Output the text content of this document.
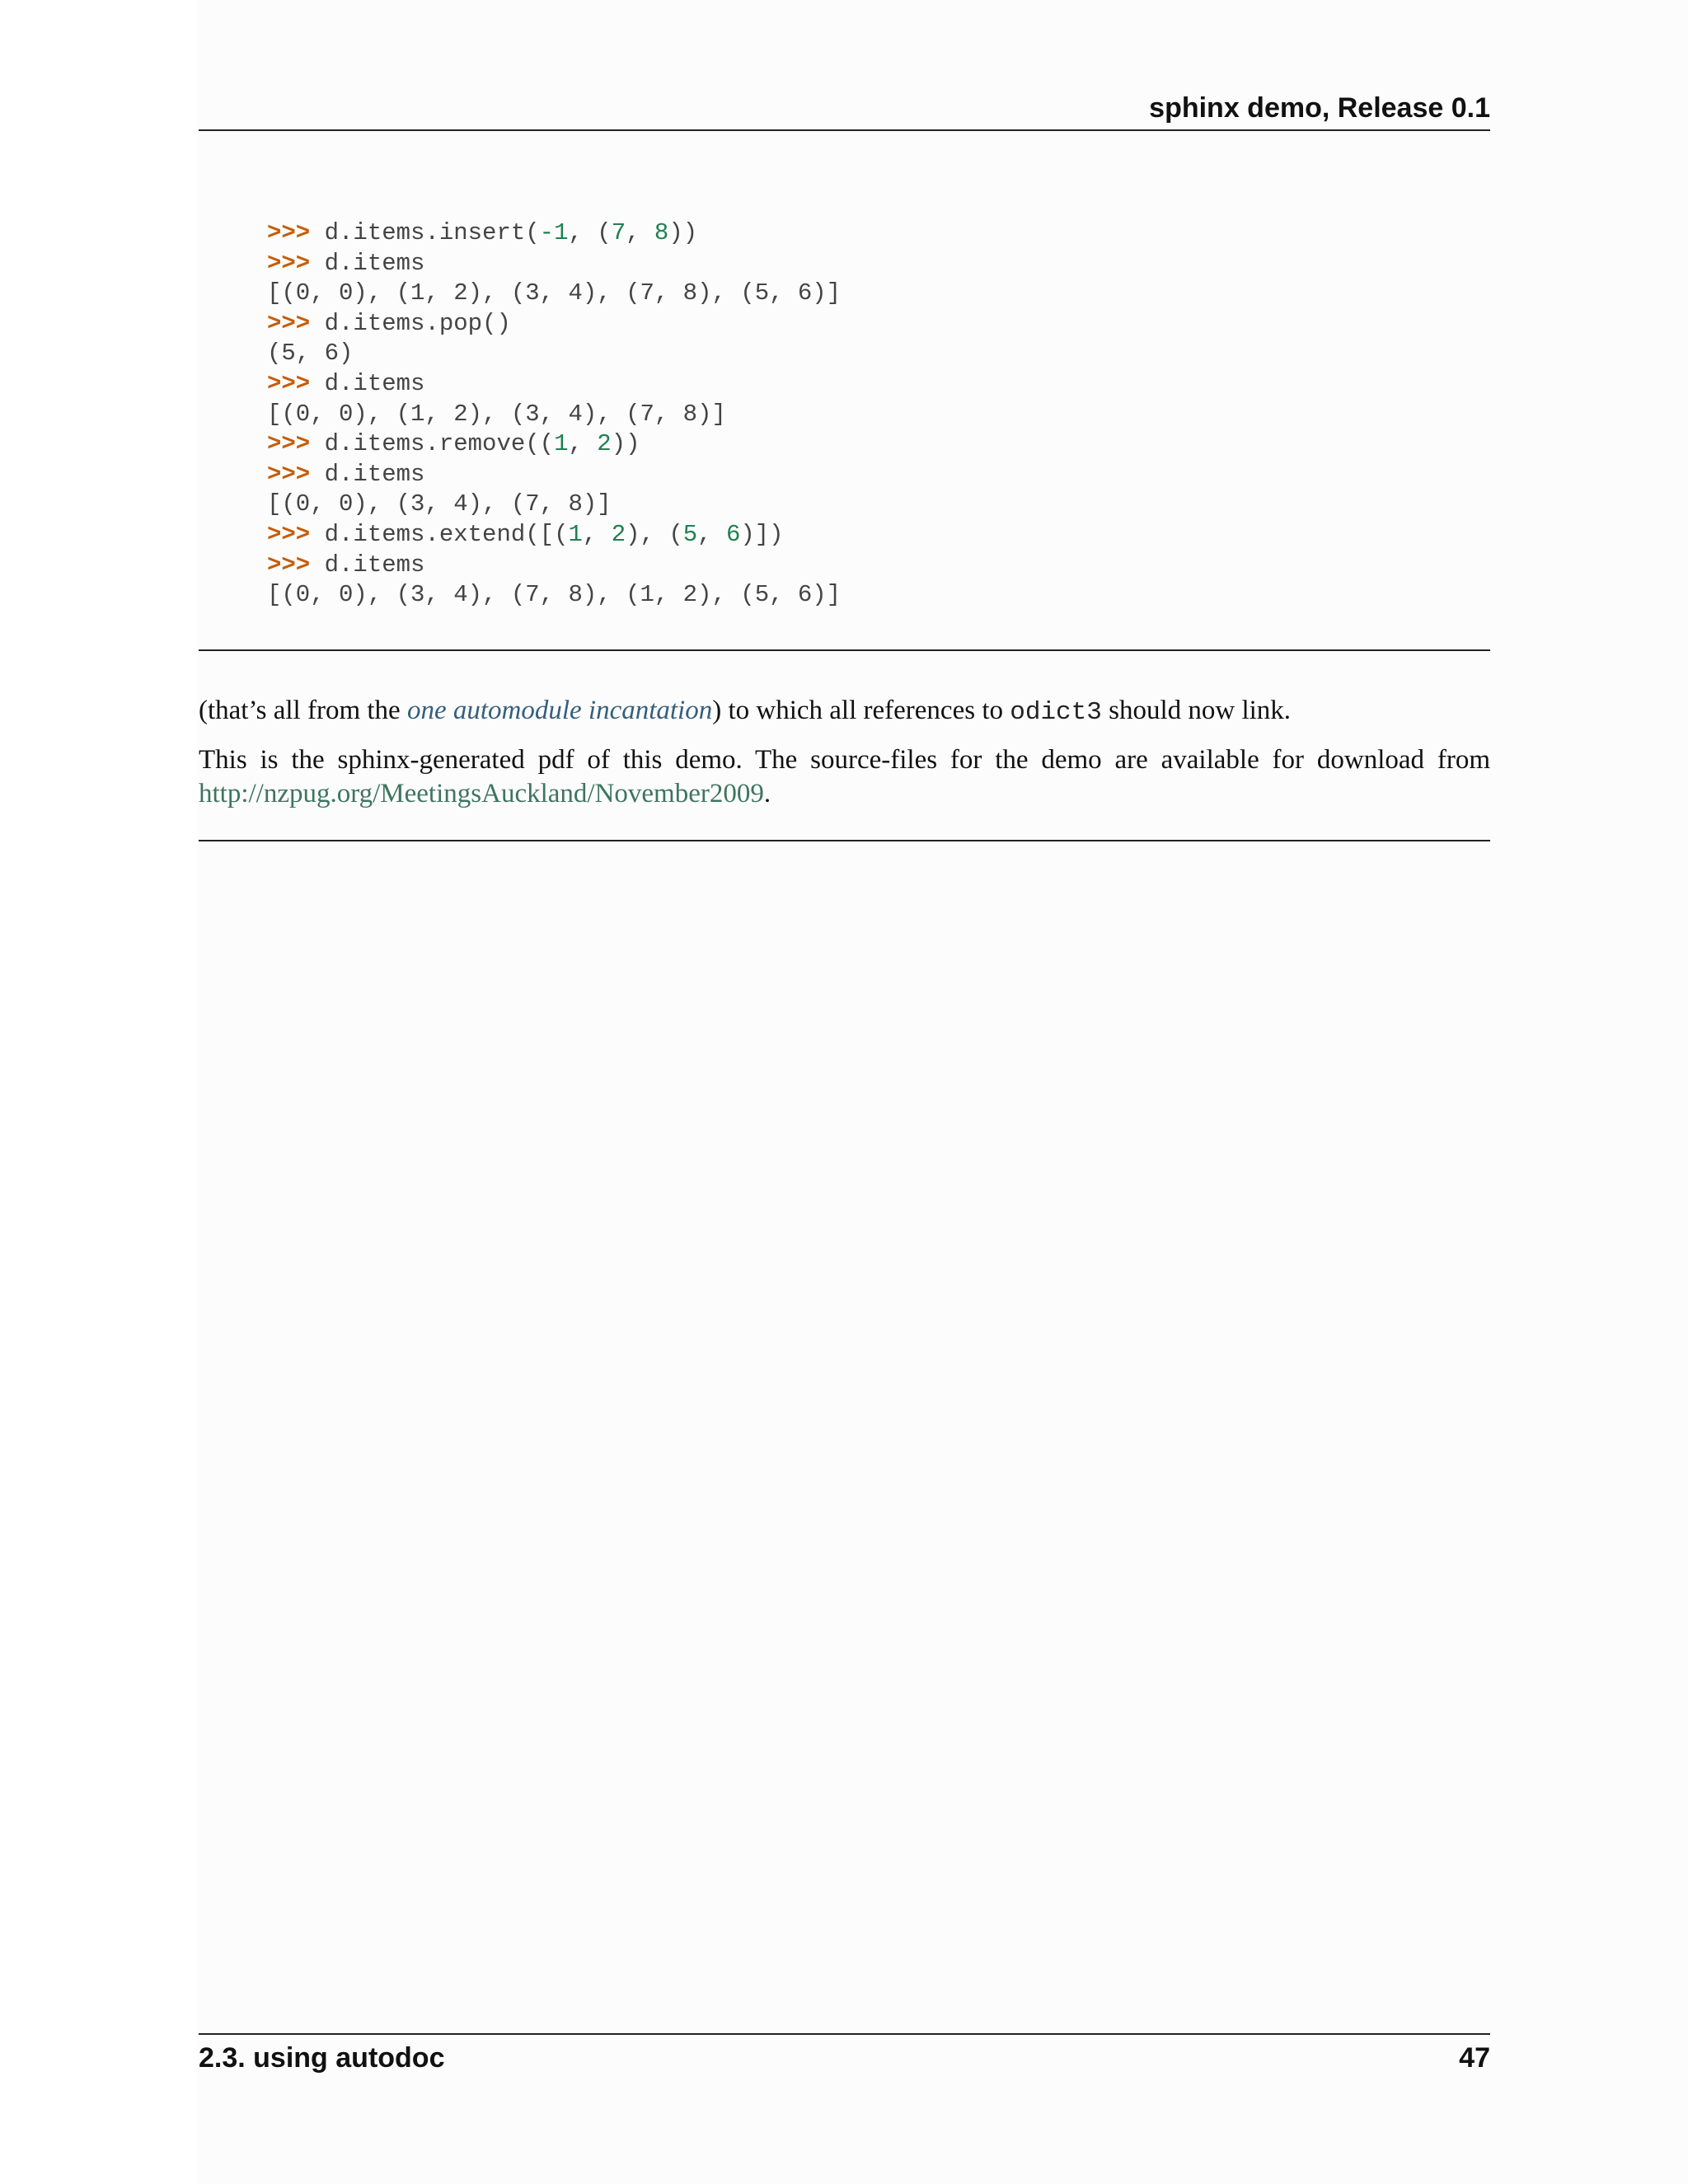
sphinx demo, Release 0.1
>>> d.items.insert(-1, (7, 8))
>>> d.items
[(0, 0), (1, 2), (3, 4), (7, 8), (5, 6)]
>>> d.items.pop()
(5, 6)
>>> d.items
[(0, 0), (1, 2), (3, 4), (7, 8)]
>>> d.items.remove((1, 2))
>>> d.items
[(0, 0), (3, 4), (7, 8)]
>>> d.items.extend([(1, 2), (5, 6)])
>>> d.items
[(0, 0), (3, 4), (7, 8), (1, 2), (5, 6)]
(that’s all from the one automodule incantation) to which all references to odict3 should now link.
This is the sphinx-generated pdf of this demo. The source-files for the demo are available for download from http://nzpug.org/MeetingsAuckland/November2009.
2.3. using autodoc	47
